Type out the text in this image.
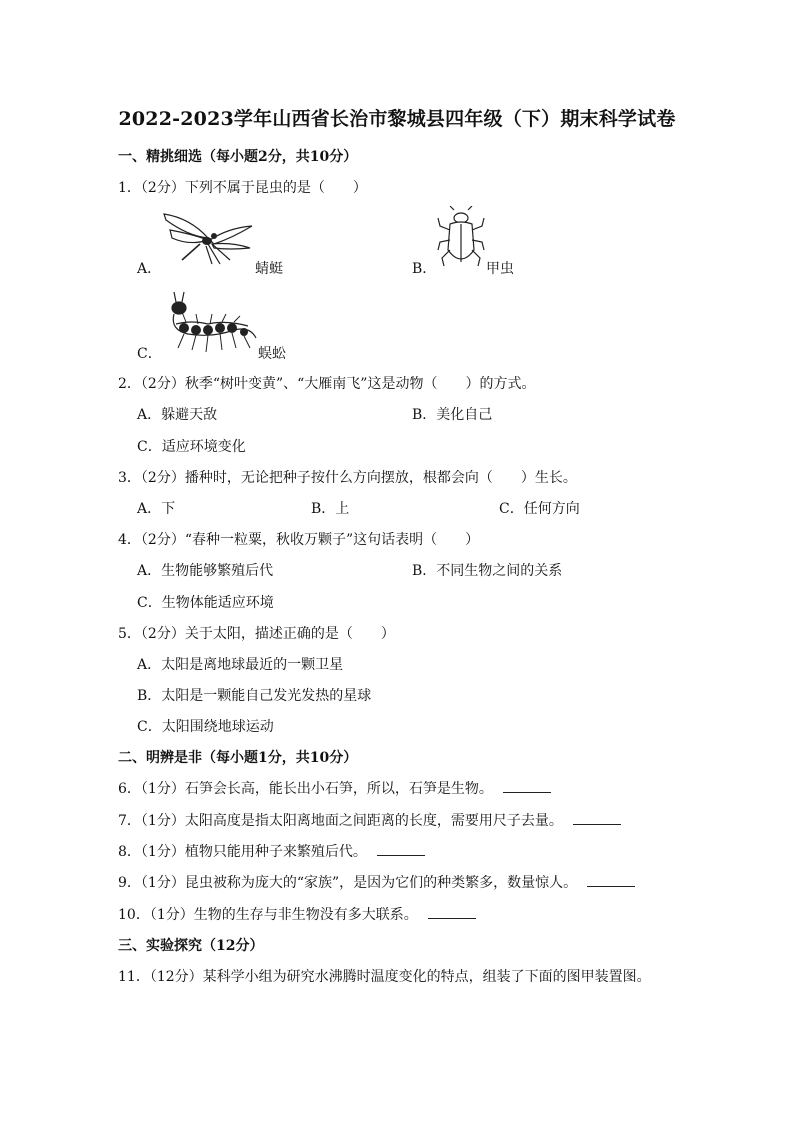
2022-2023学年山西省长治市黎城县四年级（下）期末科学试卷
一、精挑细选（每小题2分，共10分）
1．（2分）下列不属于昆虫的是（　　）
A．	蜻蜓	B．	甲虫
C．	蜈蚣
2．（2分）秋季“树叶变黄”、“大雁南飞”这是动物（　　）的方式。
A．躲避天敌	B．美化自己
C．适应环境变化
3．（2分）播种时，无论把种子按什么方向摆放，根都会向（　　）生长。
A．下	B．上	C．任何方向
4．（2分）“春种一粒粟，秋收万颗子”这句话表明（　　）
A．生物能够繁殖后代	B．不同生物之间的关系
C．生物体能适应环境
5．（2分）关于太阳，描述正确的是（　　）
A．太阳是离地球最近的一颗卫星
B．太阳是一颗能自己发光发热的星球
C．太阳围绕地球运动
二、明辨是非（每小题1分，共10分）
6．（1分）石笋会长高，能长出小石笋，所以，石笋是生物。
7．（1分）太阳高度是指太阳离地面之间距离的长度，需要用尺子去量。
8．（1分）植物只能用种子来繁殖后代。
9．（1分）昆虫被称为庞大的“家族”，是因为它们的种类繁多，数量惊人。
10．（1分）生物的生存与非生物没有多大联系。
三、实验探究（12分）
11．（12分）某科学小组为研究水沸腾时温度变化的特点，组装了下面的图甲装置图。
